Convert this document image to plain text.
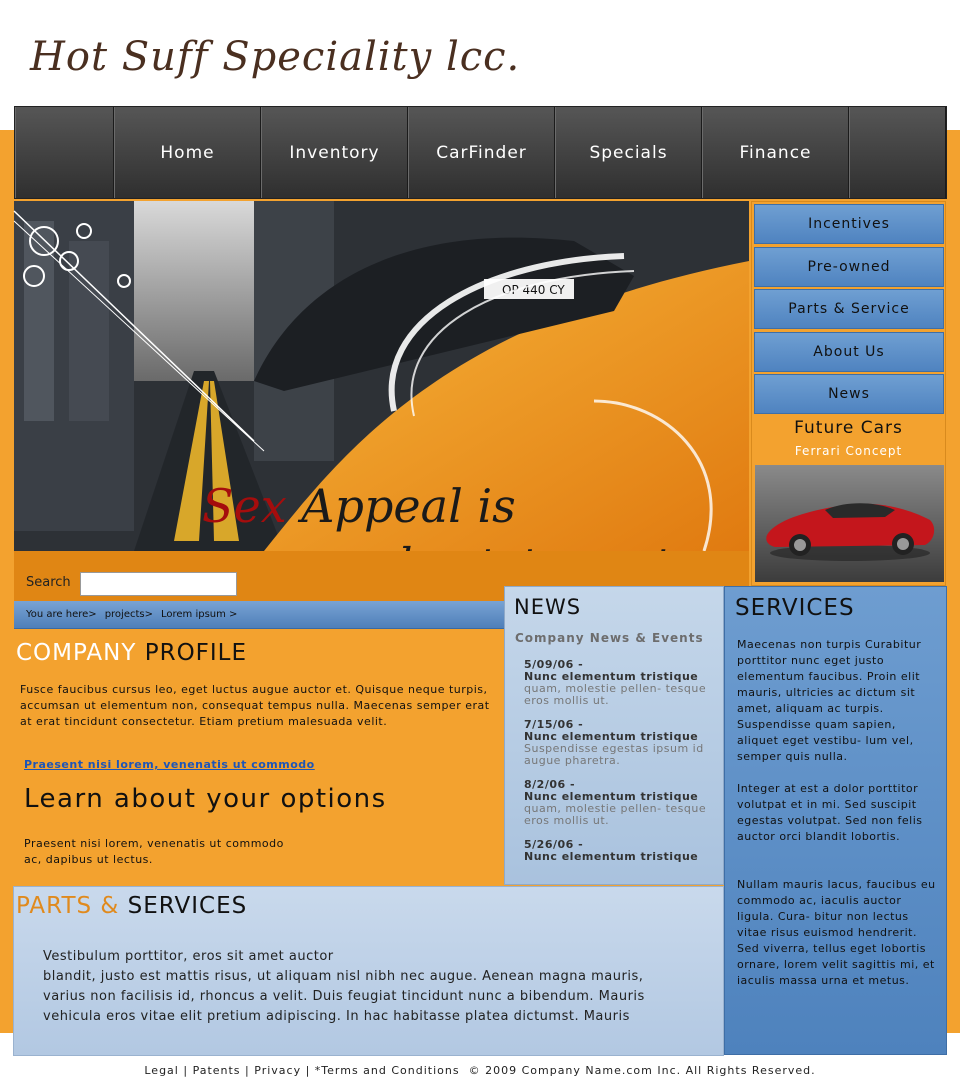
Hot Suff Speciality lcc.
Home	Inventory	CarFinder	Specials	Finance
OP 440 CY
Sex Appeal is
Search
Incentives
Pre-owned
Parts & Service
About Us
News
Future Cars
Ferrari Concept
You are here> projects> Lorem ipsum >
COMPANY PROFILE

Fusce faucibus cursus leo, eget luctus augue auctor et. Quisque neque turpis, accumsan ut elementum non, consequat tempus nulla. Maecenas semper erat at erat tincidunt consectetur. Etiam pretium malesuada velit.

Praesent nisi lorem, venenatis ut commodo
Learn about your options

Praesent nisi lorem, venenatis ut commodo ac, dapibus ut lectus.

NEWS
Company News & Events
5/09/06 -
Nunc elementum tristique
quam, molestie pellen- tesque eros mollis ut.
7/15/06 -
Nunc elementum tristique
Suspendisse egestas ipsum id augue pharetra.
8/2/06 -
Nunc elementum tristique
quam, molestie pellen- tesque eros mollis ut.
5/26/06 -
Nunc elementum tristique
SERVICES

Maecenas non turpis Curabitur porttitor nunc eget justo elementum faucibus. Proin elit mauris, ultricies ac dictum sit amet, aliquam ac turpis. Suspendisse quam sapien, aliquet eget vestibu- lum vel, semper quis nulla.

Integer at est a dolor porttitor volutpat et in mi. Sed suscipit egestas volutpat. Sed non felis auctor orci blandit lobortis.

Nullam mauris lacus, faucibus eu commodo ac, iaculis auctor ligula. Cura- bitur non lectus vitae risus euismod hendrerit. Sed viverra, tellus eget lobortis ornare, lorem velit sagittis mi, et iaculis massa urna et metus.

PARTS & SERVICES

Vestibulum porttitor, eros sit amet auctor
blandit, justo est mattis risus, ut aliquam nisl nibh nec augue. Aenean magna mauris, varius non facilisis id, rhoncus a velit. Duis feugiat tincidunt nunc a bibendum. Mauris vehicula eros vitae elit pretium adipiscing. In hac habitasse platea dictumst. Mauris

Legal | Patents | Privacy | *Terms and Conditions © 2009 Company Name.com Inc. All Rights Reserved.
